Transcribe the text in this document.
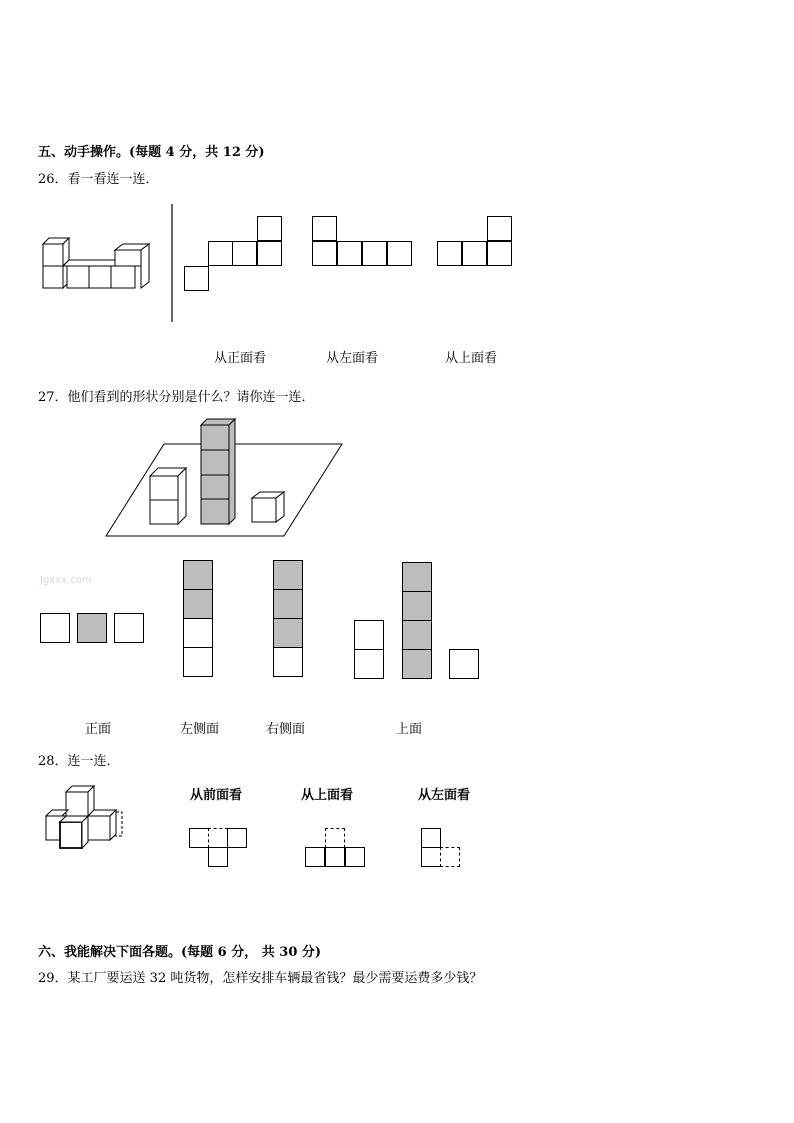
五、动手操作。(每题 4 分，共 12 分)
26．看一看连一连．
从正面看	从左面看	从上面看
27．他们看到的形状分别是什么？请你连一连．
Jgxxx.com
正面	左侧面	右侧面	上面
28．连一连．
从前面看	从上面看	从左面看
六、我能解决下面各题。(每题 6 分， 共 30 分)
29．某工厂要运送 32 吨货物，怎样安排车辆最省钱？最少需要运费多少钱？
